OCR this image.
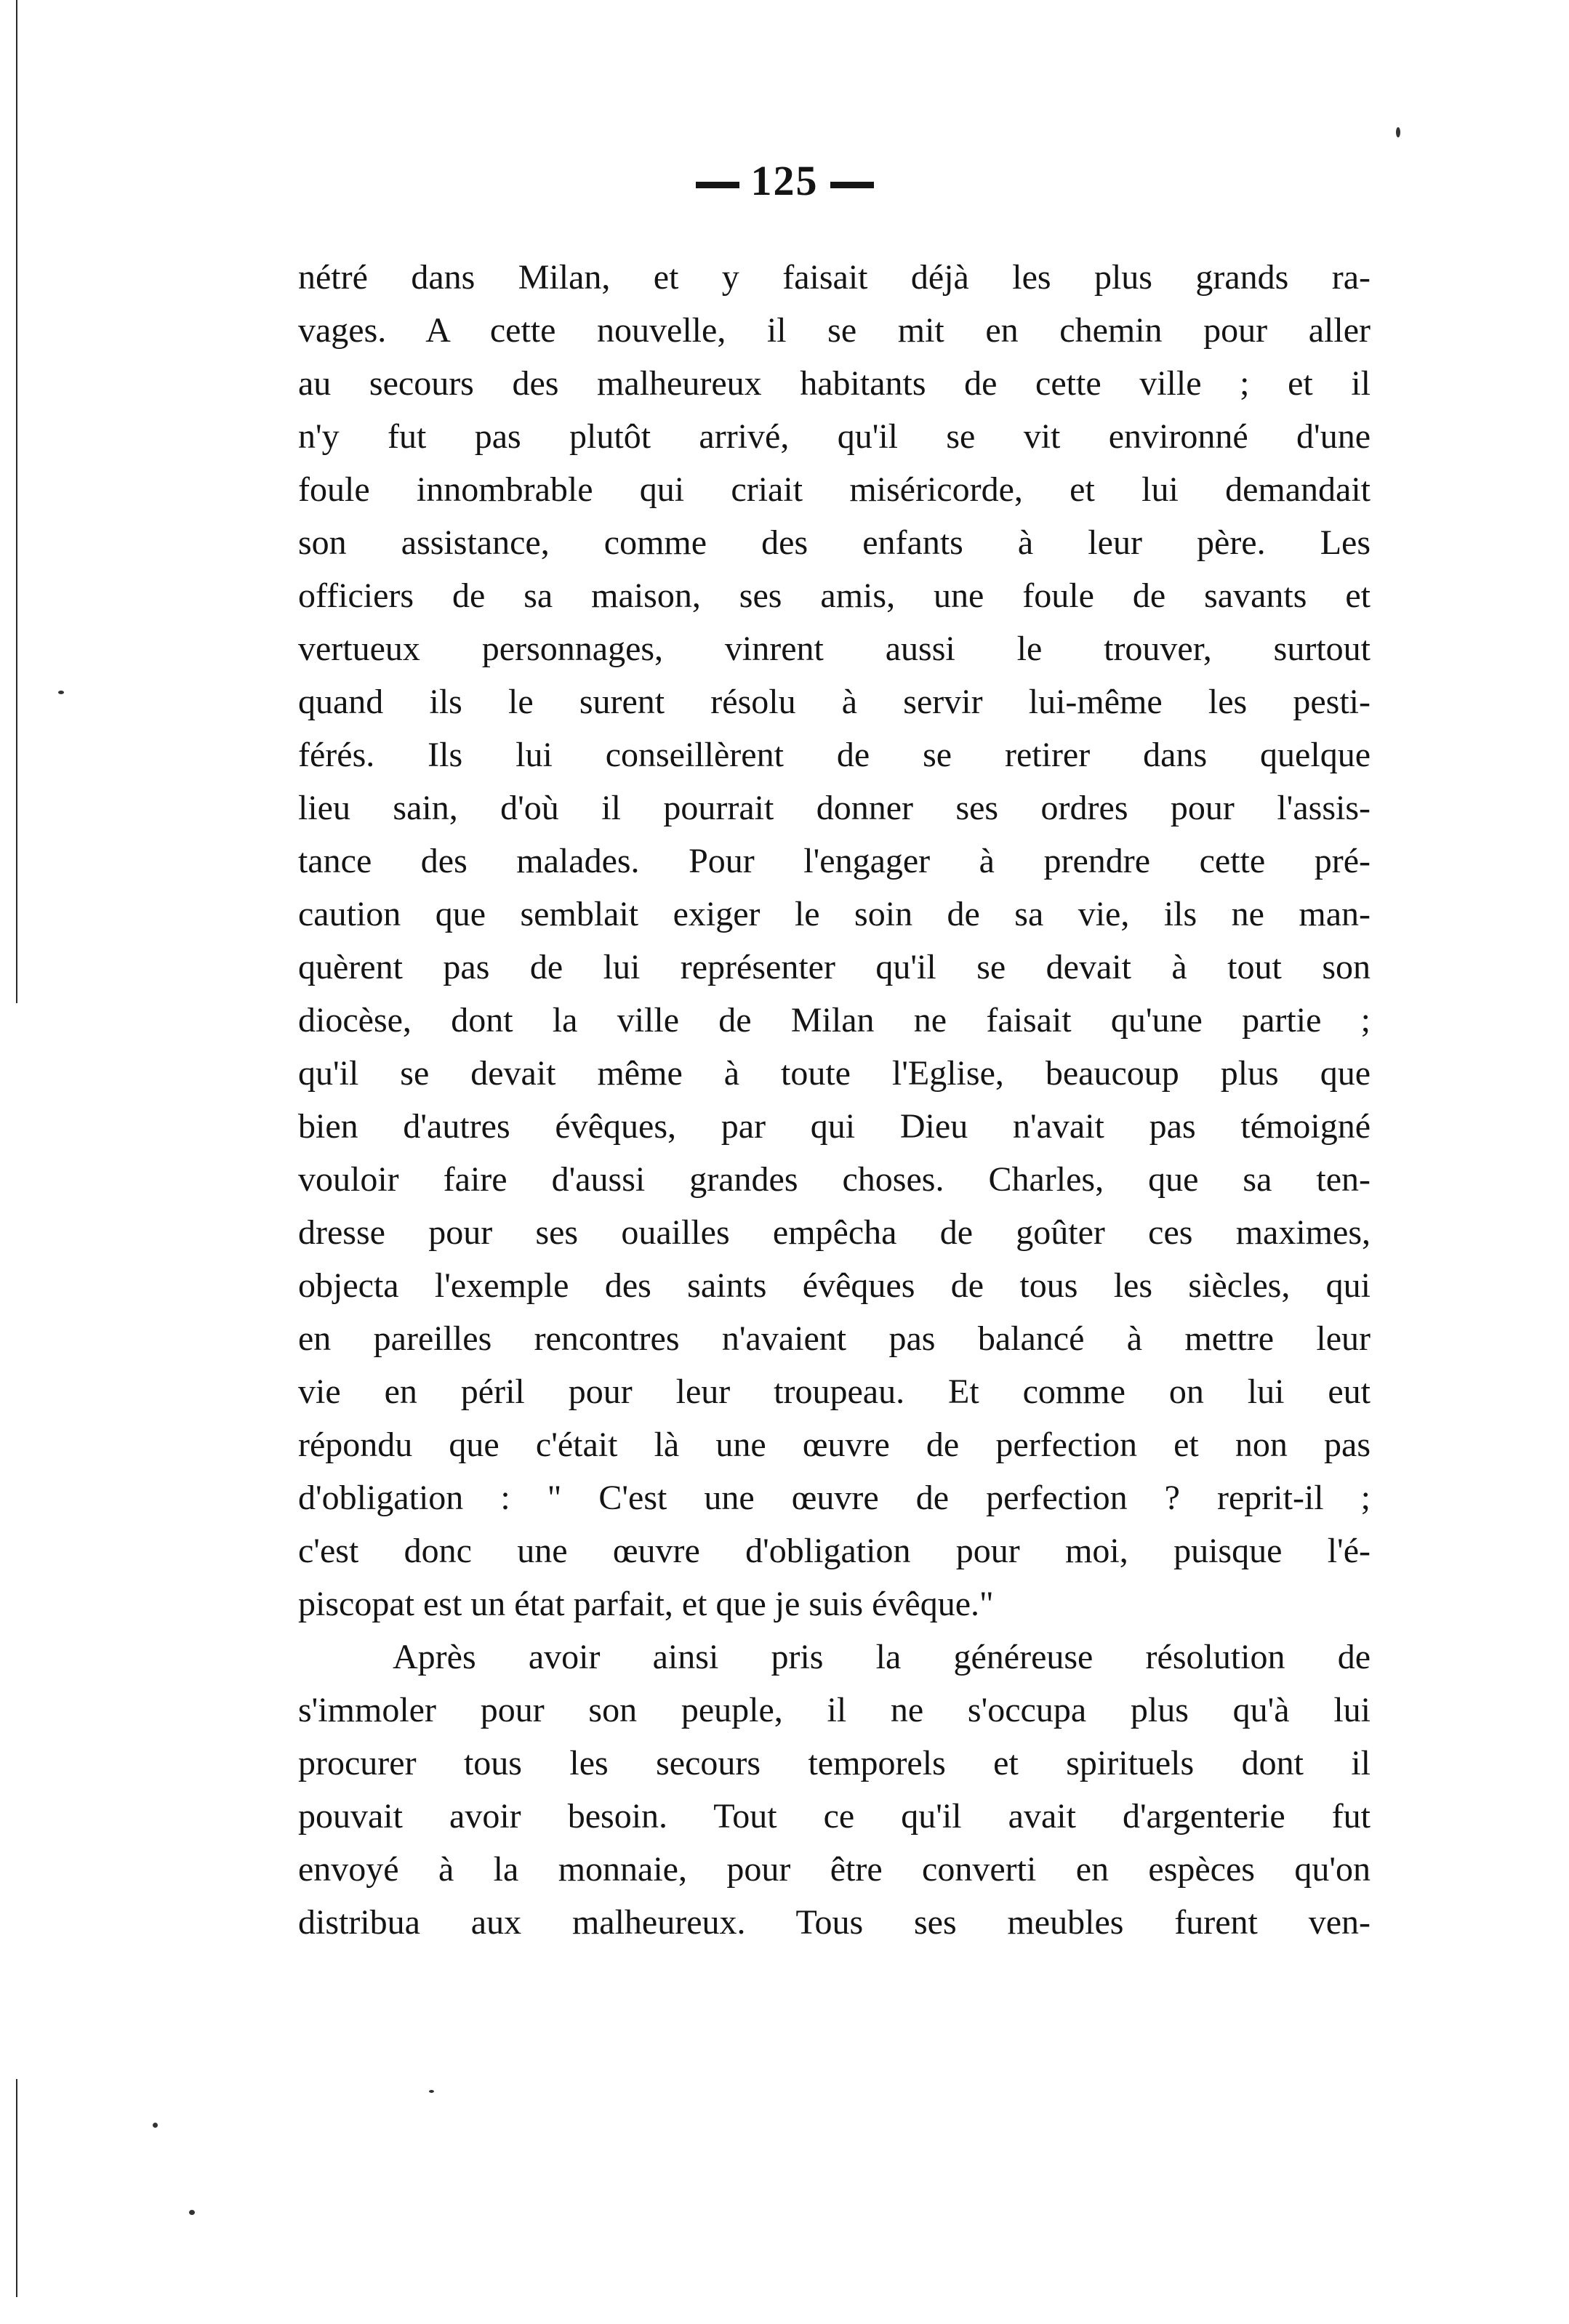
125
nétré dans Milan, et y faisait déjà les plus grands ra-
vages. A cette nouvelle, il se mit en chemin pour aller
au secours des malheureux habitants de cette ville ; et il
n'y fut pas plutôt arrivé, qu'il se vit environné d'une
foule innombrable qui criait miséricorde, et lui demandait
son assistance, comme des enfants à leur père. Les
officiers de sa maison, ses amis, une foule de savants et
vertueux personnages, vinrent aussi le trouver, surtout
quand ils le surent résolu à servir lui-même les pesti-
férés. Ils lui conseillèrent de se retirer dans quelque
lieu sain, d'où il pourrait donner ses ordres pour l'assis-
tance des malades. Pour l'engager à prendre cette pré-
caution que semblait exiger le soin de sa vie, ils ne man-
quèrent pas de lui représenter qu'il se devait à tout son
diocèse, dont la ville de Milan ne faisait qu'une partie ;
qu'il se devait même à toute l'Eglise, beaucoup plus que
bien d'autres évêques, par qui Dieu n'avait pas témoigné
vouloir faire d'aussi grandes choses. Charles, que sa ten-
dresse pour ses ouailles empêcha de goûter ces maximes,
objecta l'exemple des saints évêques de tous les siècles, qui
en pareilles rencontres n'avaient pas balancé à mettre leur
vie en péril pour leur troupeau. Et comme on lui eut
répondu que c'était là une œuvre de perfection et non pas
d'obligation : " C'est une œuvre de perfection ? reprit-il ;
c'est donc une œuvre d'obligation pour moi, puisque l'é-
piscopat est un état parfait, et que je suis évêque."
Après avoir ainsi pris la généreuse résolution de
s'immoler pour son peuple, il ne s'occupa plus qu'à lui
procurer tous les secours temporels et spirituels dont il
pouvait avoir besoin. Tout ce qu'il avait d'argenterie fut
envoyé à la monnaie, pour être converti en espèces qu'on
distribua aux malheureux. Tous ses meubles furent ven-
